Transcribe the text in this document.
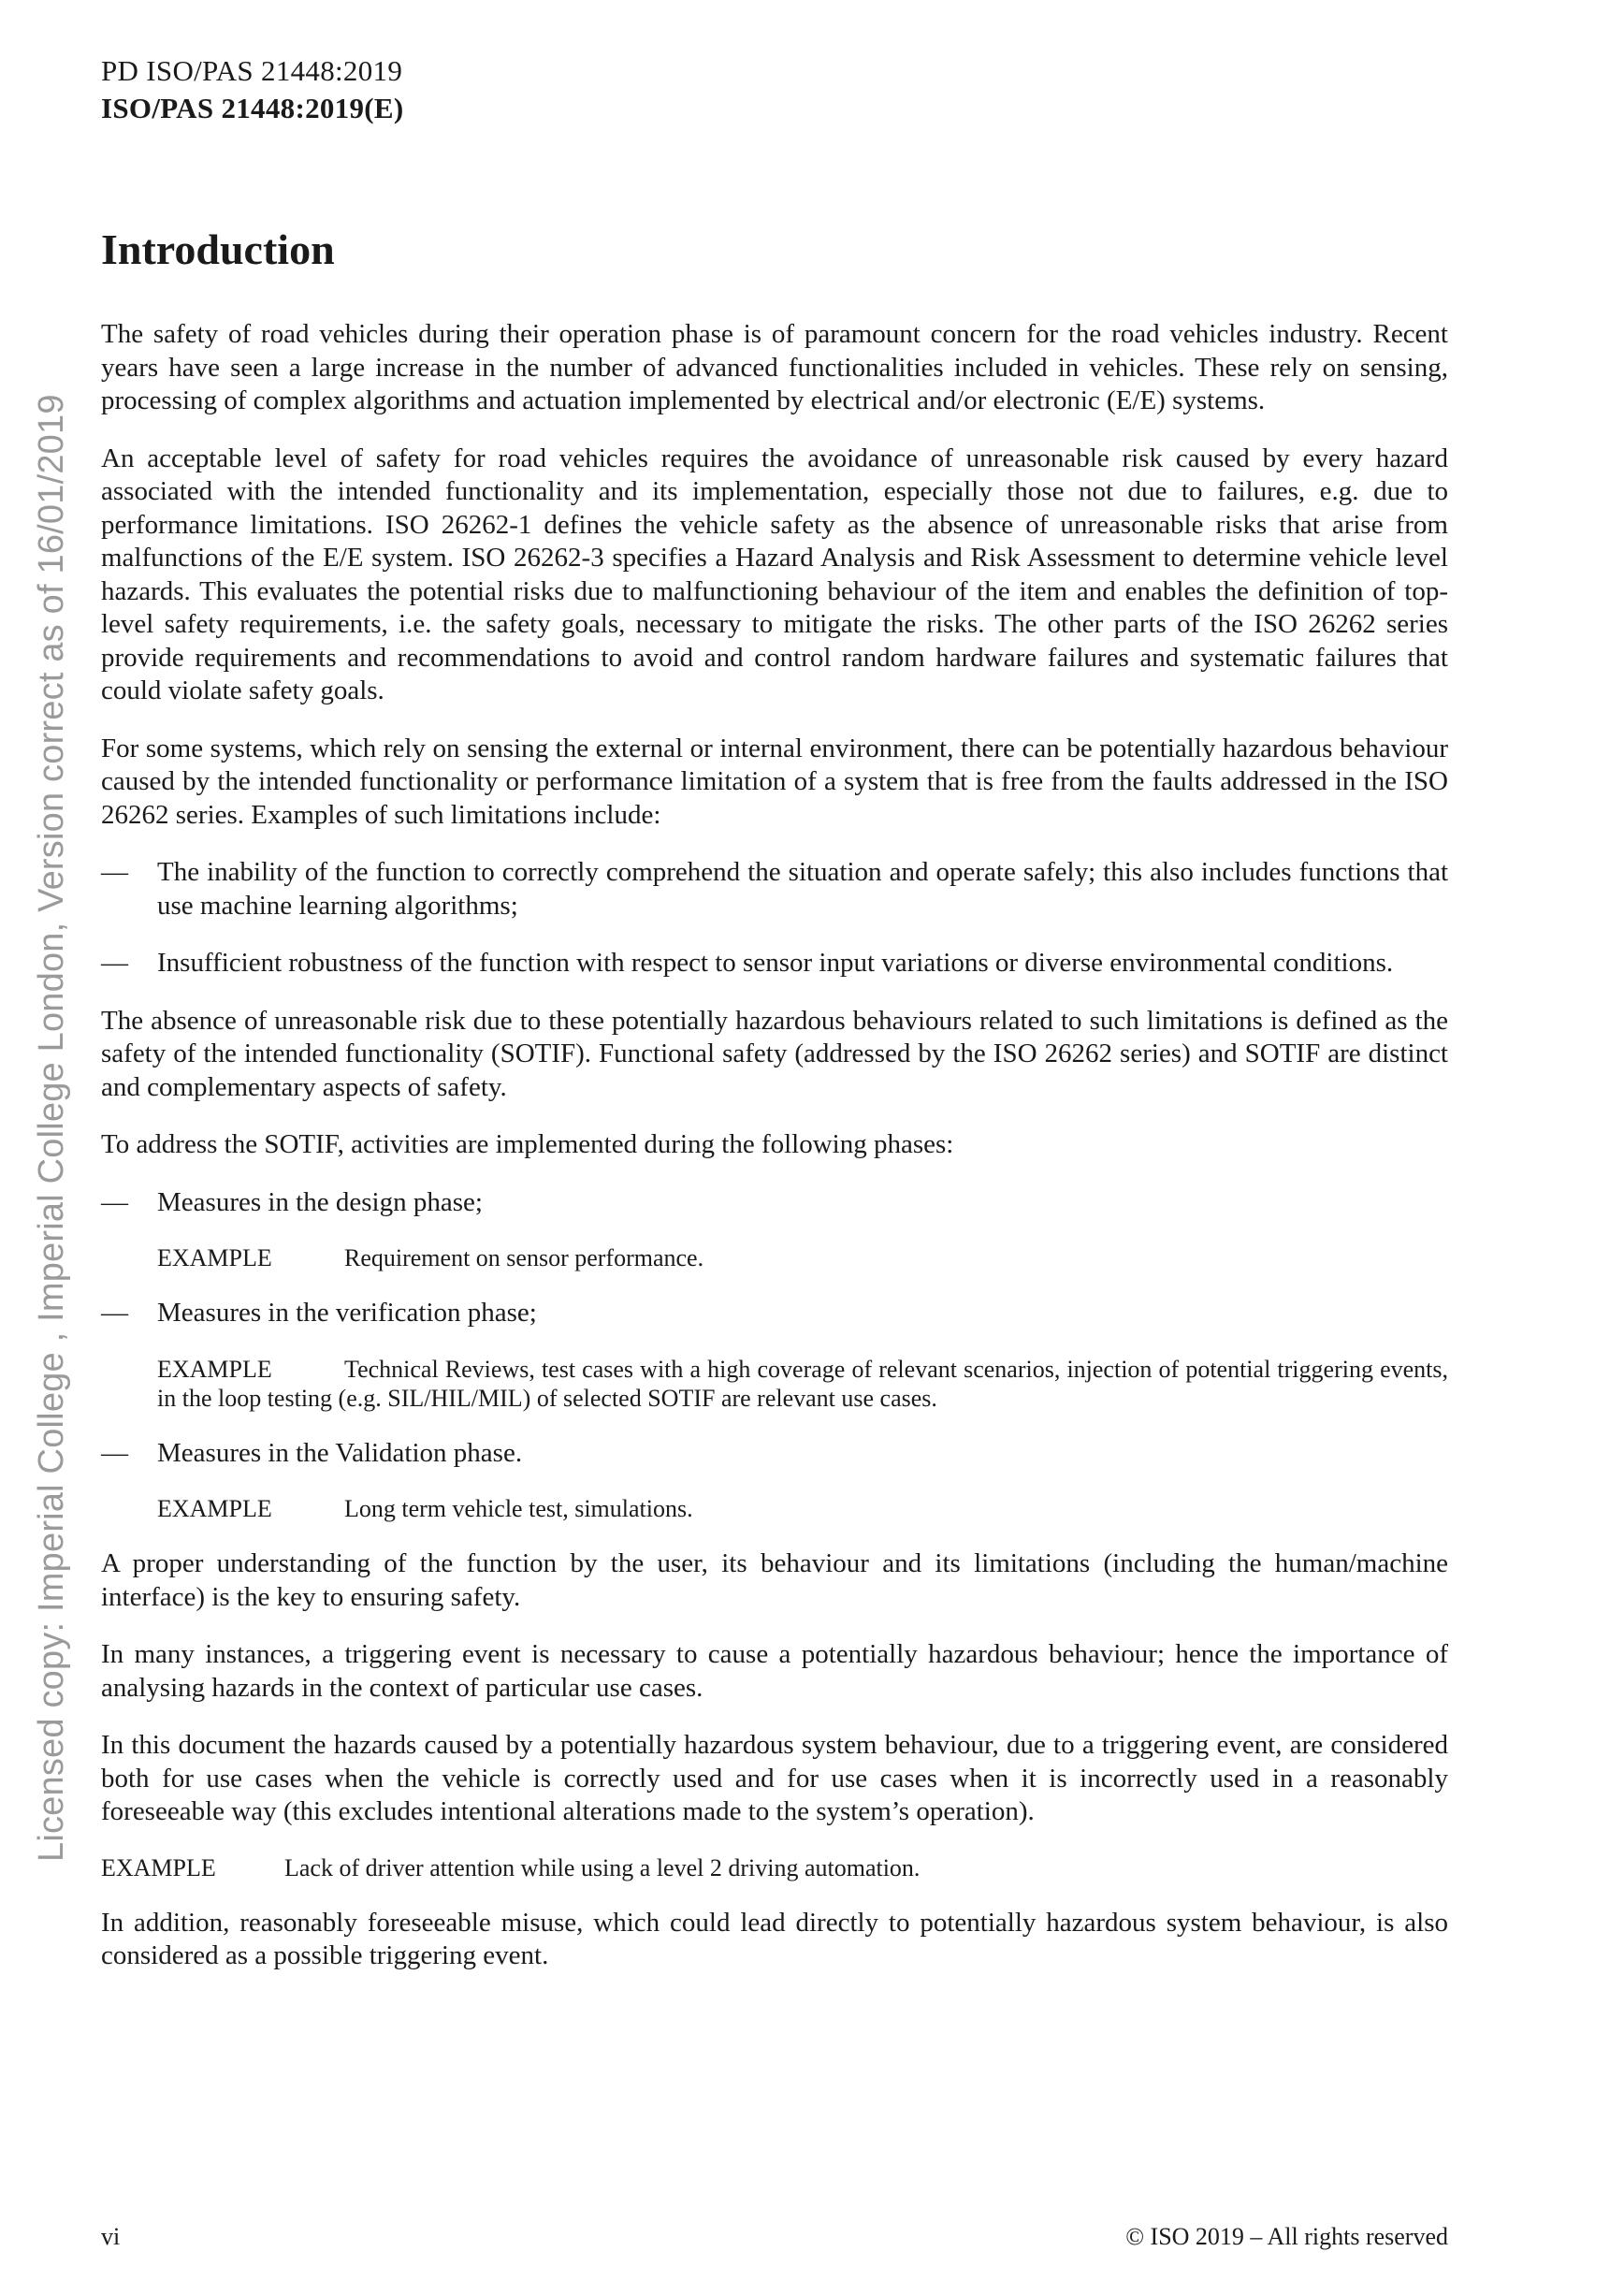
PD ISO/PAS 21448:2019
ISO/PAS 21448:2019(E)
Introduction
Licensed copy: Imperial College , Imperial College London, Version correct as of 16/01/2019

The safety of road vehicles during their operation phase is of paramount concern for the road vehicles industry. Recent years have seen a large increase in the number of advanced functionalities included in vehicles. These rely on sensing, processing of complex algorithms and actuation implemented by electrical and/or electronic (E/E) systems.

An acceptable level of safety for road vehicles requires the avoidance of unreasonable risk caused by every hazard associated with the intended functionality and its implementation, especially those not due to failures, e.g. due to performance limitations. ISO 26262-1 defines the vehicle safety as the absence of unreasonable risks that arise from malfunctions of the E/E system. ISO 26262-3 specifies a Hazard Analysis and Risk Assessment to determine vehicle level hazards. This evaluates the potential risks due to malfunctioning behaviour of the item and enables the definition of top-level safety requirements, i.e. the safety goals, necessary to mitigate the risks. The other parts of the ISO 26262 series provide requirements and recommendations to avoid and control random hardware failures and systematic failures that could violate safety goals.

For some systems, which rely on sensing the external or internal environment, there can be potentially hazardous behaviour caused by the intended functionality or performance limitation of a system that is free from the faults addressed in the ISO 26262 series. Examples of such limitations include:

— The inability of the function to correctly comprehend the situation and operate safely; this also includes functions that use machine learning algorithms;
— Insufficient robustness of the function with respect to sensor input variations or diverse environmental conditions.

The absence of unreasonable risk due to these potentially hazardous behaviours related to such limitations is defined as the safety of the intended functionality (SOTIF). Functional safety (addressed by the ISO 26262 series) and SOTIF are distinct and complementary aspects of safety.

To address the SOTIF, activities are implemented during the following phases:

— Measures in the design phase;
EXAMPLE	Requirement on sensor performance.
— Measures in the verification phase;
EXAMPLE	Technical Reviews, test cases with a high coverage of relevant scenarios, injection of potential triggering events, in the loop testing (e.g. SIL/HIL/MIL) of selected SOTIF are relevant use cases.
— Measures in the Validation phase.
EXAMPLE	Long term vehicle test, simulations.

A proper understanding of the function by the user, its behaviour and its limitations (including the human/machine interface) is the key to ensuring safety.

In many instances, a triggering event is necessary to cause a potentially hazardous behaviour; hence the importance of analysing hazards in the context of particular use cases.

In this document the hazards caused by a potentially hazardous system behaviour, due to a triggering event, are considered both for use cases when the vehicle is correctly used and for use cases when it is incorrectly used in a reasonably foreseeable way (this excludes intentional alterations made to the system’s operation).

EXAMPLE	Lack of driver attention while using a level 2 driving automation.

In addition, reasonably foreseeable misuse, which could lead directly to potentially hazardous system behaviour, is also considered as a possible triggering event.

vi	© ISO 2019 – All rights reserved
